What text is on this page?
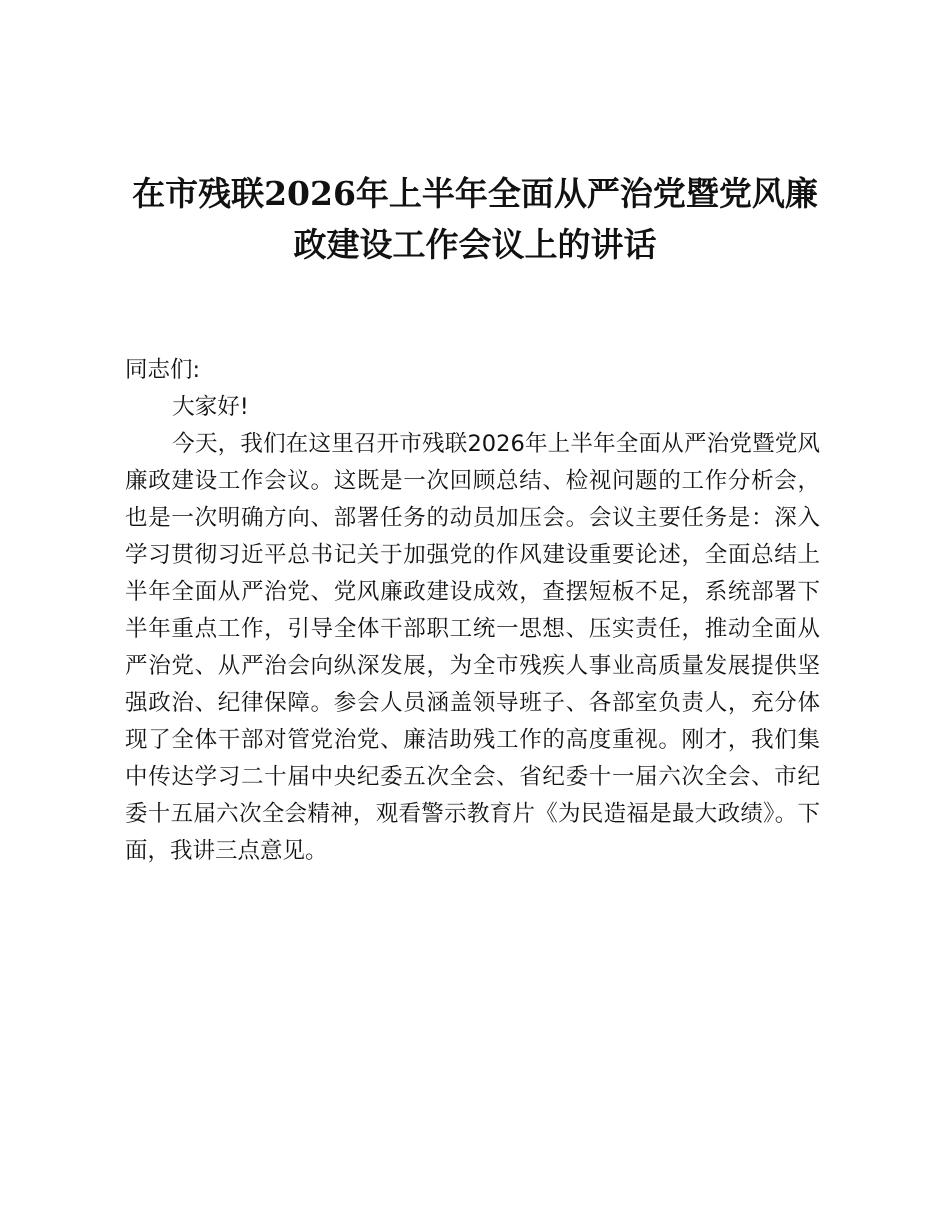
在市残联2026年上半年全面从严治党暨党风廉
政建设工作会议上的讲话

同志们:

大家好!

今天，我们在这里召开市残联2026年上半年全面从严治党暨党风廉政建设工作会议。这既是一次回顾总结、检视问题的工作分析会，也是一次明确方向、部署任务的动员加压会。会议主要任务是：深入学习贯彻习近平总书记关于加强党的作风建设重要论述，全面总结上半年全面从严治党、党风廉政建设成效，查摆短板不足，系统部署下半年重点工作，引导全体干部职工统一思想、压实责任，推动全面从严治党、从严治会向纵深发展，为全市残疾人事业高质量发展提供坚强政治、纪律保障。参会人员涵盖领导班子、各部室负责人，充分体现了全体干部对管党治党、廉洁助残工作的高度重视。刚才，我们集中传达学习二十届中央纪委五次全会、省纪委十一届六次全会、市纪委十五届六次全会精神，观看警示教育片《为民造福是最大政绩》。下面，我讲三点意见。
